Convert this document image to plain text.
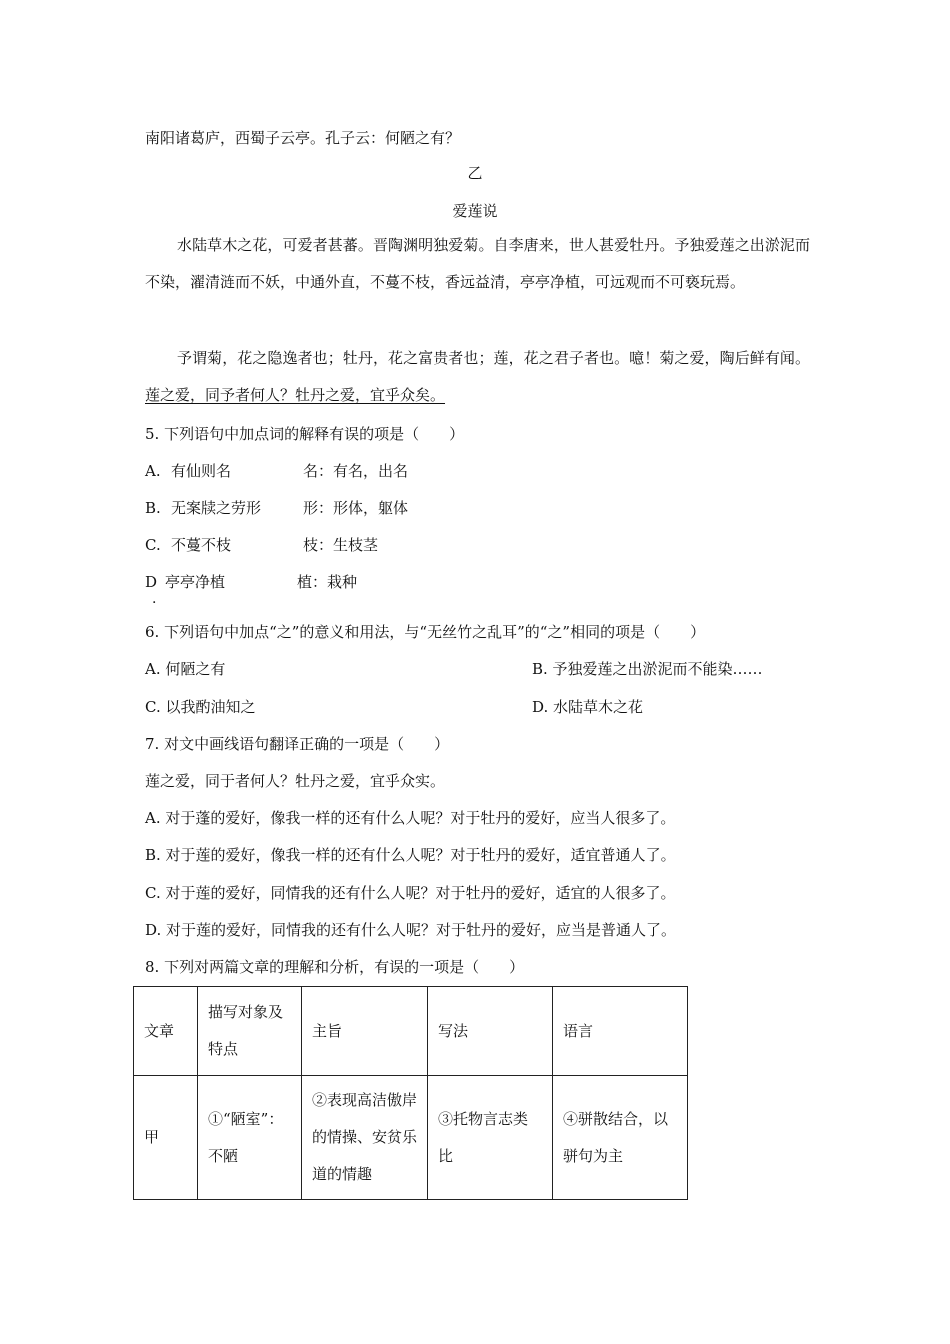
南阳诸葛庐，西蜀子云亭。孔子云：何陋之有？
乙
爱莲说
水陆草木之花，可爱者甚蕃。晋陶渊明独爱菊。自李唐来，世人甚爱牡丹。予独爱莲之出淤泥而不染，濯清涟而不妖，中通外直，不蔓不枝，香远益清，亭亭净植，可远观而不可亵玩焉。
予谓菊，花之隐逸者也；牡丹，花之富贵者也；莲，花之君子者也。噫！菊之爱，陶后鲜有闻。莲之爱，同予者何人？牡丹之爱，宜乎众矣。
5. 下列语句中加点词的解释有误的项是（　　）
A. 有仙则名	名：有名，出名
B. 无案牍之劳形	形：形体，躯体
C. 不蔓不枝	枝：生枝茎
D 亭亭净植	植：栽种
·
6. 下列语句中加点“之”的意义和用法，与“无丝竹之乱耳”的“之”相同的项是（　　）
A. 何陋之有	B. 予独爱莲之出淤泥而不能染……
C. 以我酌油知之	D. 水陆草木之花
7. 对文中画线语句翻译正确的一项是（　　）
莲之爱，同于者何人？牡丹之爱，宜乎众实。
A. 对于蓬的爱好，像我一样的还有什么人呢？对于牡丹的爱好，应当人很多了。
B. 对于莲的爱好，像我一样的还有什么人呢？对于牡丹的爱好，适宜普通人了。
C. 对于莲的爱好，同情我的还有什么人呢？对于牡丹的爱好，适宜的人很多了。
D. 对于莲的爱好，同情我的还有什么人呢？对于牡丹的爱好，应当是普通人了。
8. 下列对两篇文章的理解和分析，有误的一项是（　　）
文章	描写对象及特点	主旨	写法	语言
甲	①“陋室”：不陋	②表现高洁傲岸的情操、安贫乐道的情趣	③托物言志类比	④骈散结合，以骈句为主
